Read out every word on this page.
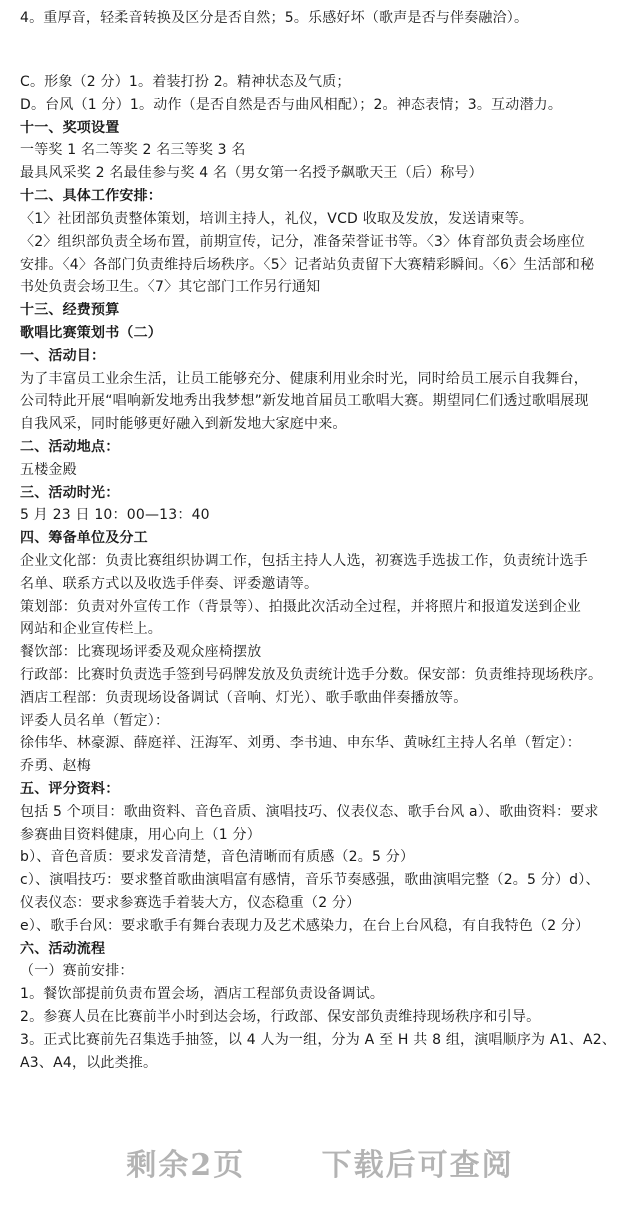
4。重厚音，轻柔音转换及区分是否自然；5。乐感好坏（歌声是否与伴奏融洽）。
C。形象（2 分）1。着装打扮 2。精神状态及气质；
D。台风（1 分）1。动作（是否自然是否与曲风相配）；2。神态表情；3。互动潜力。
十一、奖项设置
一等奖 1 名二等奖 2 名三等奖 3 名
最具风采奖 2 名最佳参与奖 4 名（男女第一名授予飙歌天王（后）称号）
十二、具体工作安排：
〈1〉社团部负责整体策划，培训主持人，礼仪，VCD 收取及发放，发送请柬等。
〈2〉组织部负责全场布置，前期宣传，记分，准备荣誉证书等。〈3〉体育部负责会场座位
安排。〈4〉各部门负责维持后场秩序。〈5〉记者站负责留下大赛精彩瞬间。〈6〉生活部和秘
书处负责会场卫生。〈7〉其它部门工作另行通知
十三、经费预算
歌唱比赛策划书（二）
一、活动目：
为了丰富员工业余生活，让员工能够充分、健康利用业余时光，同时给员工展示自我舞台，
公司特此开展“唱响新发地秀出我梦想”新发地首届员工歌唱大赛。期望同仁们透过歌唱展现
自我风采，同时能够更好融入到新发地大家庭中来。
二、活动地点：
五楼金殿
三、活动时光：
5 月 23 日 10：00—13：40
四、筹备单位及分工
企业文化部：负责比赛组织协调工作，包括主持人人选，初赛选手选拔工作，负责统计选手
名单、联系方式以及收选手伴奏、评委邀请等。
策划部：负责对外宣传工作（背景等）、拍摄此次活动全过程，并将照片和报道发送到企业
网站和企业宣传栏上。
餐饮部：比赛现场评委及观众座椅摆放
行政部：比赛时负责选手签到号码牌发放及负责统计选手分数。保安部：负责维持现场秩序。
酒店工程部：负责现场设备调试（音响、灯光）、歌手歌曲伴奏播放等。
评委人员名单（暂定）：
徐伟华、林豪源、薛庭祥、汪海军、刘勇、李书迪、申东华、黄咏红主持人名单（暂定）：
乔勇、赵梅
五、评分资料：
包括 5 个项目：歌曲资料、音色音质、演唱技巧、仪表仪态、歌手台风 a）、歌曲资料：要求
参赛曲目资料健康，用心向上（1 分）
b）、音色音质：要求发音清楚，音色清晰而有质感（2。5 分）
c）、演唱技巧：要求整首歌曲演唱富有感情，音乐节奏感强，歌曲演唱完整（2。5 分）d）、
仪表仪态：要求参赛选手着装大方，仪态稳重（2 分）
e）、歌手台风：要求歌手有舞台表现力及艺术感染力，在台上台风稳，有自我特色（2 分）
六、活动流程
（一）赛前安排：
1。餐饮部提前负责布置会场，酒店工程部负责设备调试。
2。参赛人员在比赛前半小时到达会场，行政部、保安部负责维持现场秩序和引导。
3。正式比赛前先召集选手抽签，以 4 人为一组，分为 A 至 H 共 8 组，演唱顺序为 A1、A2、
A3、A4，以此类推。
剩余2页	下载后可查阅
